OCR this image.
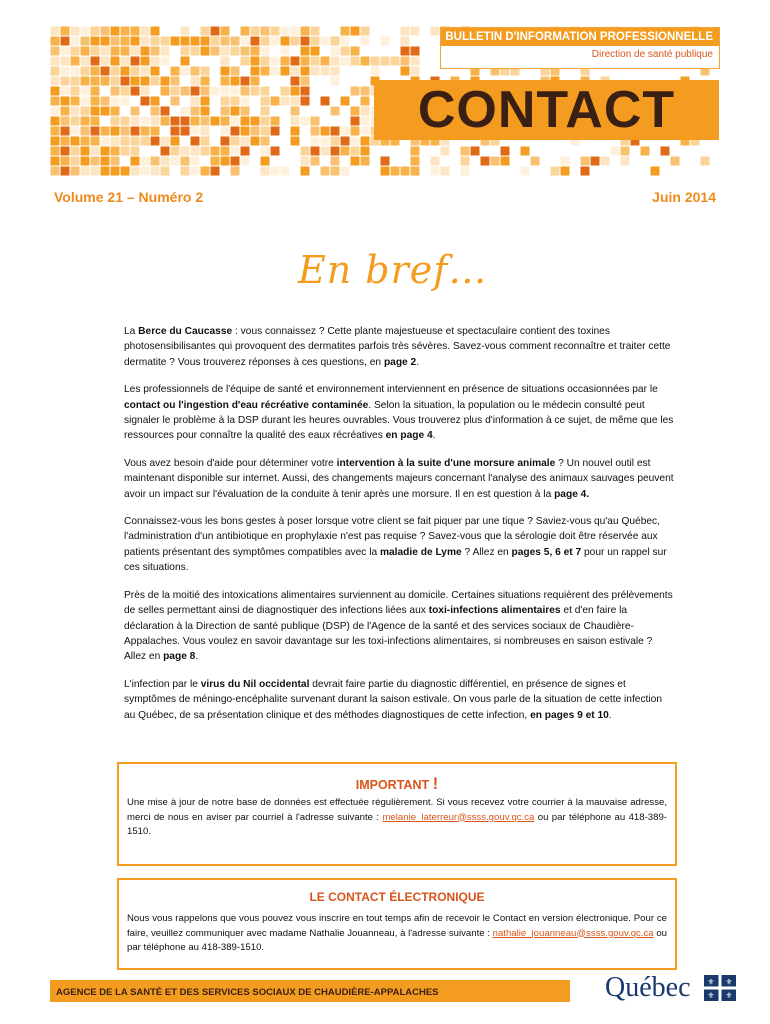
BULLETIN D'INFORMATION PROFESSIONNELLE
Direction de santé publique
CONTACT
Volume 21 – Numéro 2	Juin 2014
En bref…

La Berce du Caucasse : vous connaissez ? Cette plante majestueuse et spectaculaire contient des toxines photosensibilisantes qui provoquent des dermatites parfois très sévères. Savez-vous comment reconnaître et traiter cette dermatite ? Vous trouverez réponses à ces questions, en page 2.

Les professionnels de l'équipe de santé et environnement interviennent en présence de situations occasionnées par le contact ou l'ingestion d'eau récréative contaminée. Selon la situation, la population ou le médecin consulté peut signaler le problème à la DSP durant les heures ouvrables. Vous trouverez plus d'information à ce sujet, de même que les ressources pour connaître la qualité des eaux récréatives en page 4.

Vous avez besoin d'aide pour déterminer votre intervention à la suite d'une morsure animale ? Un nouvel outil est maintenant disponible sur internet. Aussi, des changements majeurs concernant l'analyse des animaux sauvages peuvent avoir un impact sur l'évaluation de la conduite à tenir après une morsure. Il en est question à la page 4.

Connaissez-vous les bons gestes à poser lorsque votre client se fait piquer par une tique ? Saviez-vous qu'au Québec, l'administration d'un antibiotique en prophylaxie n'est pas requise ? Savez-vous que la sérologie doit être réservée aux patients présentant des symptômes compatibles avec la maladie de Lyme ? Allez en pages 5, 6 et 7 pour un rappel sur ces situations.

Près de la moitié des intoxications alimentaires surviennent au domicile. Certaines situations requièrent des prélèvements de selles permettant ainsi de diagnostiquer des infections liées aux toxi-infections alimentaires et d'en faire la déclaration à la Direction de santé publique (DSP) de l'Agence de la santé et des services sociaux de Chaudière-Appalaches. Vous voulez en savoir davantage sur les toxi-infections alimentaires, si nombreuses en saison estivale ? Allez en page 8.

L'infection par le virus du Nil occidental devrait faire partie du diagnostic différentiel, en présence de signes et symptômes de méningo-encéphalite survenant durant la saison estivale. On vous parle de la situation de cette infection au Québec, de sa présentation clinique et des méthodes diagnostiques de cette infection, en pages 9 et 10.

IMPORTANT !
Une mise à jour de notre base de données est effectuée régulièrement. Si vous recevez votre courrier à la mauvaise adresse, merci de nous en aviser par courriel à l'adresse suivante : melanie_laterreur@ssss.gouv.qc.ca ou par téléphone au 418-389-1510.
LE CONTACT ÉLECTRONIQUE
Nous vous rappelons que vous pouvez vous inscrire en tout temps afin de recevoir le Contact en version électronique. Pour ce faire, veuillez communiquer avec madame Nathalie Jouanneau, à l'adresse suivante : nathalie_jouanneau@ssss.gouv.qc.ca ou par téléphone au 418-389-1510.
AGENCE DE LA SANTÉ ET DES SERVICES SOCIAUX DE CHAUDIÈRE-APPALACHES	Québec ⚜ ⚜
⚜ ⚜
